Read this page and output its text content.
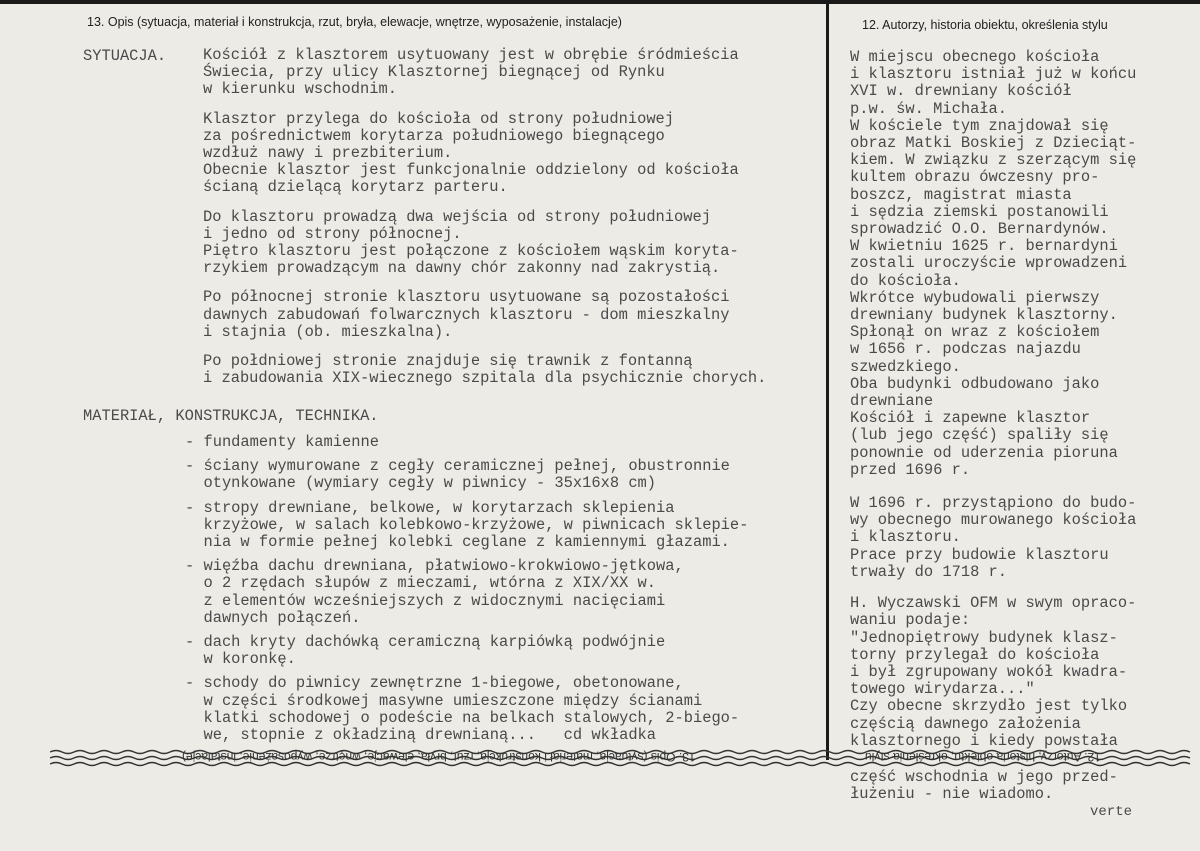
13. Opis (sytuacja, materiał i konstrukcja, rzut, bryła, elewacje, wnętrze, wyposażenie, instalacje)	12. Autorzy, historia obiektu, określenia stylu
SYTUACJA. Kościół z klasztorem usytuowany jest w obrębie śródmieścia
Świecia, przy ulicy Klasztornej biegnącej od Rynku
w kierunku wschodnim.
Klasztor przylega do kościoła od strony południowej
za pośrednictwem korytarza południowego biegnącego
wzdłuż nawy i prezbiterium.
Obecnie klasztor jest funkcjonalnie oddzielony od kościoła
ścianą dzielącą korytarz parteru.
Do klasztoru prowadzą dwa wejścia od strony południowej
i jedno od strony północnej.
Piętro klasztoru jest połączone z kościołem wąskim koryta-
rzykiem prowadzącym na dawny chór zakonny nad zakrystią.
Po północnej stronie klasztoru usytuowane są pozostałości
dawnych zabudowań folwarcznych klasztoru - dom mieszkalny
i stajnia (ob. mieszkalna).
Po połdniowej stronie znajduje się trawnik z fontanną
i zabudowania XIX-wiecznego szpitala dla psychicznie chorych.
MATERIAŁ, KONSTRUKCJA, TECHNIKA.
- fundamenty kamienne
- ściany wymurowane z cegły ceramicznej pełnej, obustronnie
otynkowane (wymiary cegły w piwnicy - 35x16x8 cm)
- stropy drewniane, belkowe, w korytarzach sklepienia
krzyżowe, w salach kolebkowo-krzyżowe, w piwnicach sklepie-
nia w formie pełnej kolebki ceglane z kamiennymi głazami.
- więźba dachu drewniana, płatwiowo-krokwiowo-jętkowa,
o 2 rzędach słupów z mieczami, wtórna z XIX/XX w.
z elementów wcześniejszych z widocznymi nacięciami
dawnych połączeń.
- dach kryty dachówką ceramiczną karpiówką podwójnie
w koronkę.
- schody do piwnicy zewnętrzne 1-biegowe, obetonowane,
w części środkowej masywne umieszczone między ścianami
klatki schodowej o podeście na belkach stalowych, 2-biego-
we, stopnie z okładziną drewnianą...   cd wkładka
W miejscu obecnego kościoła
i klasztoru istniał już w końcu
XVI w. drewniany kościół
p.w. św. Michała.
W kościele tym znajdował się
obraz Matki Boskiej z Dzieciąt-
kiem. W związku z szerzącym się
kultem obrazu ówczesny pro-
boszcz, magistrat miasta
i sędzia ziemski postanowili
sprowadzić O.O. Bernardynów.
W kwietniu 1625 r. bernardyni
zostali uroczyście wprowadzeni
do kościoła.
Wkrótce wybudowali pierwszy
drewniany budynek klasztorny.
Spłonął on wraz z kościołem
w 1656 r. podczas najazdu
szwedzkiego.
Oba budynki odbudowano jako
drewniane
Kościół i zapewne klasztor
(lub jego część) spaliły się
ponownie od uderzenia pioruna
przed 1696 r.
W 1696 r. przystąpiono do budo-
wy obecnego murowanego kościoła
i klasztoru.
Prace przy budowie klasztoru
trwały do 1718 r.
H. Wyczawski OFM w swym opraco-
waniu podaje:
"Jednopiętrowy budynek klasz-
torny przylegał do kościoła
i był zgrupowany wokół kwadra-
towego wirydarza..."
Czy obecne skrzydło jest tylko
częścią dawnego założenia
klasztornego i kiedy powstała
część wschodnia w jego przed-
łużeniu - nie wiadomo.
verte
13. Opis (sytuacja, materiał i konstrukcja, rzut, bryła, elewacje, wnętrze, wyposażenie, instalacje)	12. Autorzy, historia obiektu, określenia stylu
